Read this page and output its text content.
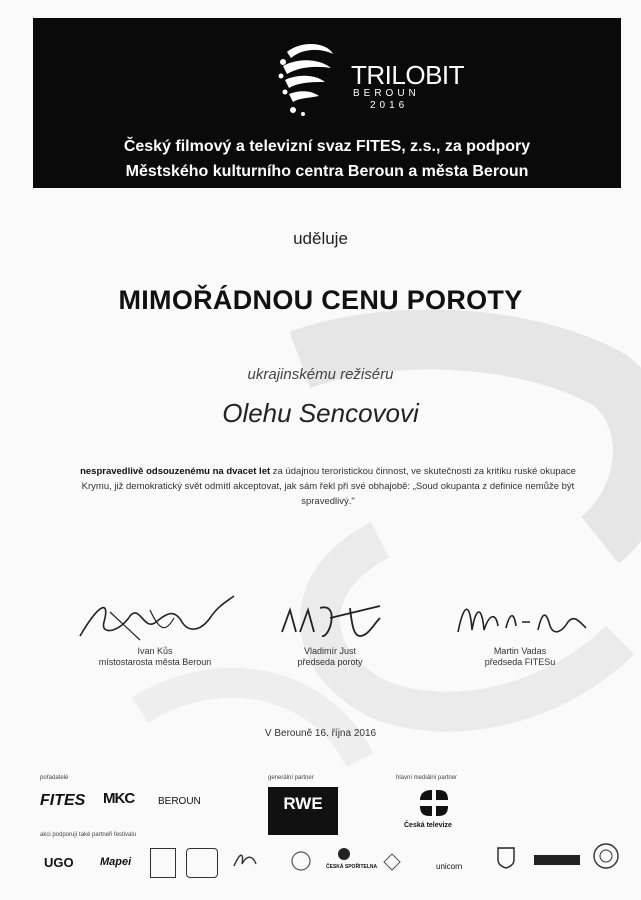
TRILOBIT
BEROUN
2016
Český filmový a televizní svaz FITES, z.s., za podpory
Městského kulturního centra Beroun a města Beroun
uděluje
MIMOŘÁDNOU CENU POROTY
ukrajinskému režiséru
Olehu Sencovovi
nespravedlivě odsouzenému na dvacet let za údajnou teroristickou činnost, ve skutečnosti za kritiku ruské okupace Krymu, již demokratický svět odmítl akceptovat, jak sám řekl při své obhajobě: „Soud okupanta z definice nemůže být spravedlivý."
Ivan Kůs
místostarosta města Beroun
Vladimír Just
předseda poroty
Martin Vadas
předseda FITESu
V Berouně 16. října 2016
pořadatelé	generální partner	hlavní mediální partner
FITES MKC BEROUN	RWE

Česká televize
akci podporují také partneři festivalu
UGO Mapei	ČESKÁ SPOŘITELNA	unicorn
